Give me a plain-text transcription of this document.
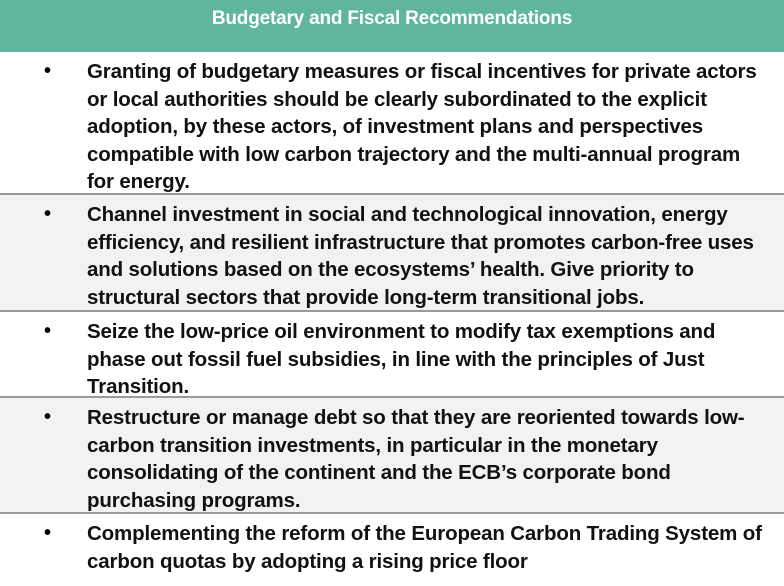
Budgetary and Fiscal Recommendations
•	Granting of budgetary measures or fiscal incentives for private actors or local authorities should be clearly subordinated to the explicit adoption, by these actors, of investment plans and perspectives compatible with low carbon trajectory and the multi-annual program for energy.
•	Channel investment in social and technological innovation, energy efficiency, and resilient infrastructure that promotes carbon-free uses and solutions based on the ecosystems’ health. Give priority to structural sectors that provide long-term transitional jobs.
•	Seize the low-price oil environment to modify tax exemptions and phase out fossil fuel subsidies, in line with the principles of Just Transition.
•	Restructure or manage debt so that they are reoriented towards low-carbon transition investments, in particular in the monetary consolidating of the continent and the ECB’s corporate bond purchasing programs.
•	Complementing the reform of the European Carbon Trading System of carbon quotas by adopting a rising price floor
